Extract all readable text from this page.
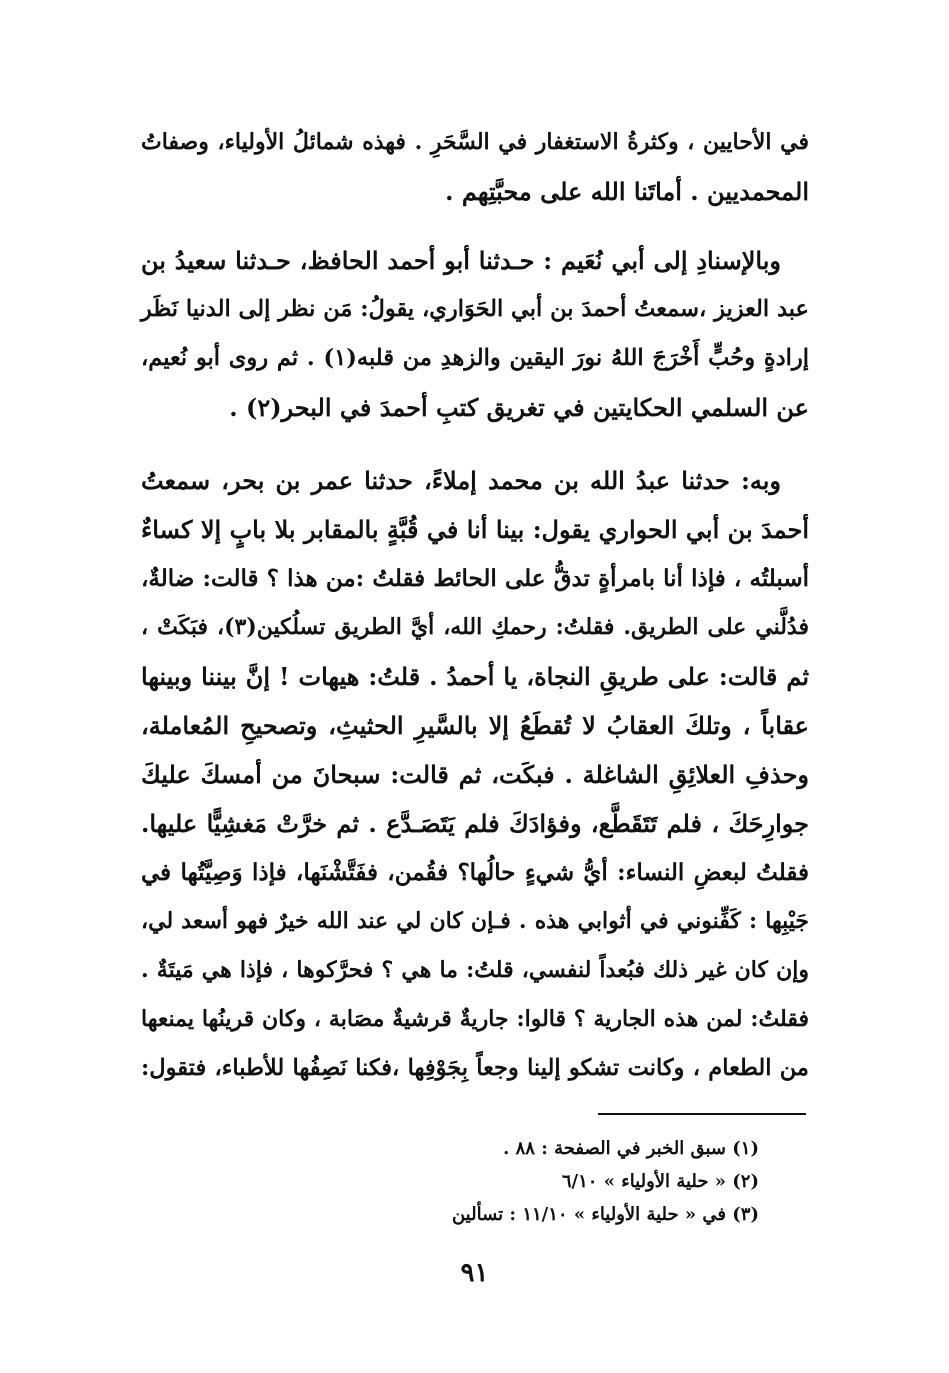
في الأحايين ، وكثرةُ الاستغفار في السَّحَرِ . فهذه شمائلُ الأولياء، وصفاتُ
المحمديين . أماتَنا الله على محبَّتِهم .
وبالإسنادِ إلى أبي نُعَيم : حـدثنا أبو أحمد الحافظ، حـدثنا سعيدُ بن
عبد العزيز ،سمعتُ أحمدَ بن أبي الحَوَاري، يقولُ: مَن نظر إلى الدنيا نَظَر
إرادةٍ وحُبٍّ أَخْرَجَ اللهُ نورَ اليقين والزهدِ من قلبه(١) . ثم روى أبو نُعيم،
عن السلمي الحكايتين في تغريق كتبِ أحمدَ في البحر(٢) .
وبه: حدثنا عبدُ الله بن محمد إملاءً، حدثنا عمر بن بحر، سمعتُ
أحمدَ بن أبي الحواري يقول: بينا أنا في قُبَّةٍ بالمقابر بلا بابٍ إلا كساءٌ
أسبلتُه ، فإذا أنا بامرأةٍ تدقُّ على الحائط فقلتُ :من هذا ؟ قالت: ضالةٌ،
فدُلَّني على الطريق. فقلتُ: رحمكِ الله، أيَّ الطريق تسلُكين(٣)، فبَكَتْ ،
ثم قالت: على طريقِ النجاة، يا أحمدُ . قلتُ: هيهات ! إنَّ بيننا وبينها
عقاباً ، وتلكَ العقابُ لا تُقطَعُ إلا بالسَّيرِ الحثيثِ، وتصحيحِ المُعاملة،
وحذفِ العلائِقِ الشاغلة . فبكَت، ثم قالت: سبحانَ من أمسكَ عليكَ
جوارِحَكَ ، فلم تَتَقَطَّع، وفؤادَكَ فلم يَتَصَـدَّع . ثم خرَّتْ مَغشِيًّا عليها.
فقلتُ لبعضِ النساء: أيُّ شيءٍ حالُها؟ فقُمن، ففَتَّشْنَها، فإذا وَصِيَّتُها في
جَيْبِها : كَفِّنوني في أثوابي هذه . فـإن كان لي عند الله خيرٌ فهو أسعد لي،
وإن كان غير ذلك فبُعداً لنفسي، قلتُ: ما هي ؟ فحرَّكوها ، فإذا هي مَيتَةٌ .
فقلتُ: لمن هذه الجارية ؟ قالوا: جاريةٌ قرشيةٌ مصَابة ، وكان قرينُها يمنعها
من الطعام ، وكانت تشكو إلينا وجعاً بِجَوْفِها ،فكنا نَصِفُها للأطباء، فتقول:
(١) سبق الخبر في الصفحة : ٨٨ .
(٢) « حلية الأولياء » ٦/١٠
(٣) في « حلية الأولياء » ١١/١٠ : تسألين
٩١
